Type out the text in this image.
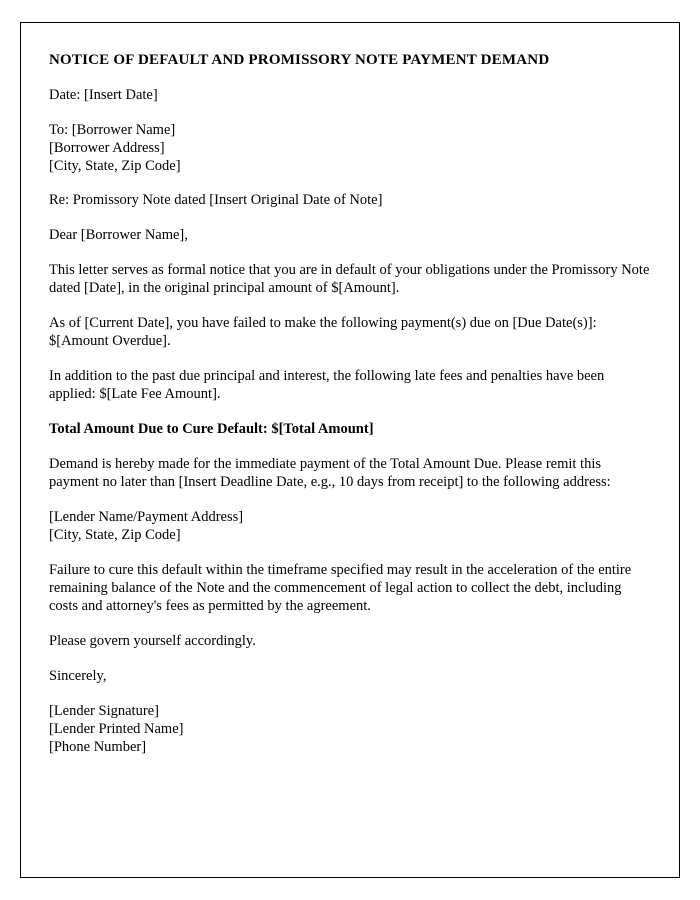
NOTICE OF DEFAULT AND PROMISSORY NOTE PAYMENT DEMAND

Date: [Insert Date]

To: [Borrower Name]
[Borrower Address]
[City, State, Zip Code]

Re: Promissory Note dated [Insert Original Date of Note]

Dear [Borrower Name],

This letter serves as formal notice that you are in default of your obligations under the Promissory Note dated [Date], in the original principal amount of $[Amount].

As of [Current Date], you have failed to make the following payment(s) due on [Due Date(s)]: $[Amount Overdue].

In addition to the past due principal and interest, the following late fees and penalties have been applied: $[Late Fee Amount].

Total Amount Due to Cure Default: $[Total Amount]

Demand is hereby made for the immediate payment of the Total Amount Due. Please remit this payment no later than [Insert Deadline Date, e.g., 10 days from receipt] to the following address:

[Lender Name/Payment Address]
[City, State, Zip Code]

Failure to cure this default within the timeframe specified may result in the acceleration of the entire remaining balance of the Note and the commencement of legal action to collect the debt, including costs and attorney's fees as permitted by the agreement.

Please govern yourself accordingly.

Sincerely,

[Lender Signature]
[Lender Printed Name]
[Phone Number]
